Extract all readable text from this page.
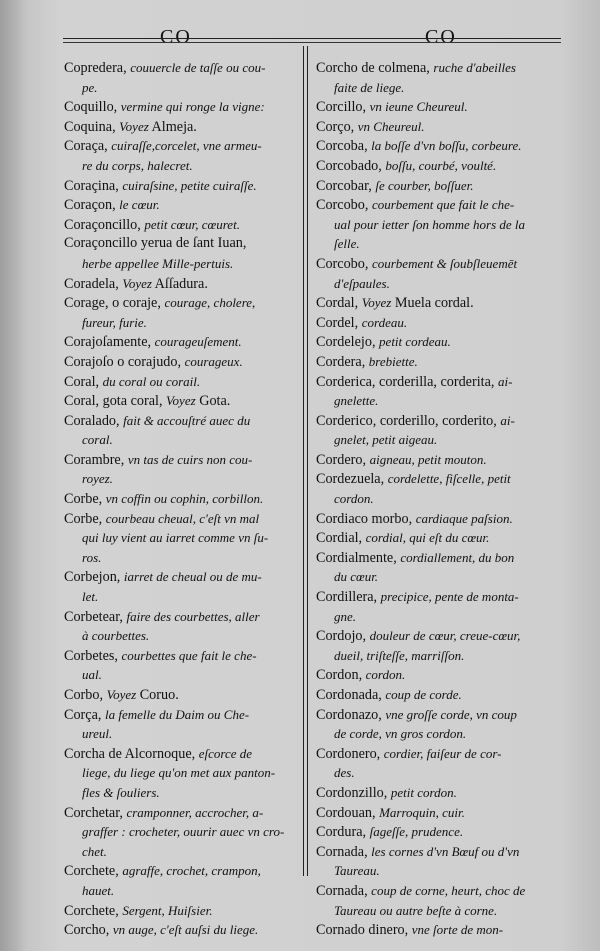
CO	CO
Copredera, couuercle de taſſe ou cou-
pe.
Coquillo, vermine qui ronge la vigne:
Coquina, Voyez Almeja.
Coraça, cuiraſſe,corcelet, vne armeu-
re du corps, halecret.
Coraçina, cuiraſsine, petite cuiraſſe.
Coraçon, le cœur.
Coraçoncillo, petit cœur, cœuret.
Coraçoncillo yerua de ſant Iuan,
herbe appellee Mille-pertuis.
Coradela, Voyez Aſſadura.
Corage, o coraje, courage, cholere,
fureur, furie.
Corajoſamente, courageuſement.
Corajoſo o corajudo, courageux.
Coral, du coral ou corail.
Coral, gota coral, Voyez Gota.
Coralado, fait & accouſtré auec du
coral.
Corambre, vn tas de cuirs non cou-
royez.
Corbe, vn coffin ou cophin, corbillon.
Corbe, courbeau cheual, c'eſt vn mal
qui luy vient au iarret comme vn ſu-
ros.
Corbejon, iarret de cheual ou de mu-
let.
Corbetear, faire des courbettes, aller
à courbettes.
Corbetes, courbettes que fait le che-
ual.
Corbo, Voyez Coruo.
Corça, la femelle du Daim ou Che-
ureul.
Corcha de Alcornoque, eſcorce de
liege, du liege qu'on met aux panton-
fles & ſouliers.
Corchetar, cramponner, accrocher, a-
graffer : crocheter, ouurir auec vn cro-
chet.
Corchete, agraffe, crochet, crampon,
hauet.
Corchete, Sergent, Huiſsier.
Corcho, vn auge, c'eſt auſsi du liege.
Corcho de colmena, ruche d'abeilles
faite de liege.
Corcillo, vn ieune Cheureul.
Corço, vn Cheureul.
Corcoba, la boſſe d'vn boſſu, corbeure.
Corcobado, boſſu, courbé, voulté.
Corcobar, ſe courber, boſſuer.
Corcobo, courbement que fait le che-
ual pour ietter ſon homme hors de la
ſelle.
Corcobo, courbement & ſoubſleuemēt
d'eſpaules.
Cordal, Voyez Muela cordal.
Cordel, cordeau.
Cordelejo, petit cordeau.
Cordera, brebiette.
Corderica, corderilla, corderita, ai-
gnelette.
Corderico, corderillo, corderito, ai-
gnelet, petit aigeau.
Cordero, aigneau, petit mouton.
Cordezuela, cordelette, fiſcelle, petit
cordon.
Cordiaco morbo, cardiaque paſsion.
Cordial, cordial, qui eſt du cœur.
Cordialmente, cordiallement, du bon
du cœur.
Cordillera, precipice, pente de monta-
gne.
Cordojo, douleur de cœur, creue-cœur,
dueil, triſteſſe, marriſſon.
Cordon, cordon.
Cordonada, coup de corde.
Cordonazo, vne groſſe corde, vn coup
de corde, vn gros cordon.
Cordonero, cordier, faiſeur de cor-
des.
Cordonzillo, petit cordon.
Cordouan, Marroquin, cuir.
Cordura, ſageſſe, prudence.
Cornada, les cornes d'vn Bœuf ou d'vn
Taureau.
Cornada, coup de corne, heurt, choc de
Taureau ou autre beſte à corne.
Cornado dinero, vne ſorte de mon-
